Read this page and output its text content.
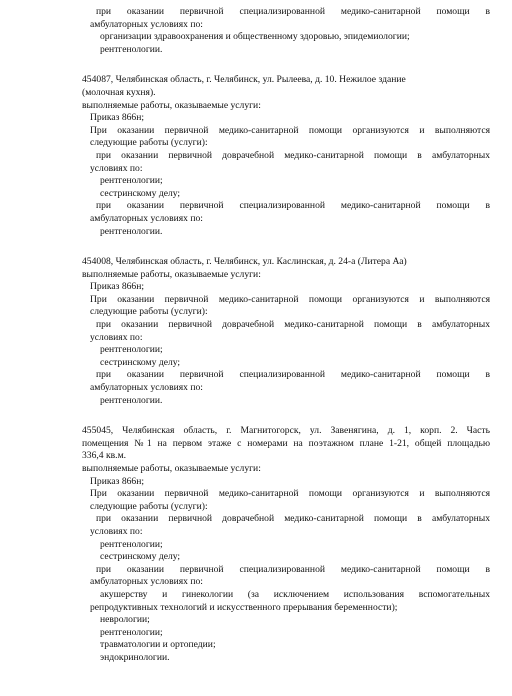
при оказании первичной специализированной медико-санитарной помощи в
амбулаторных условиях по:
организации здравоохранения и общественному здоровью, эпидемиологии;
рентгенологии.
454087, Челябинская область, г. Челябинск, ул. Рылеева, д. 10. Нежилое здание
(молочная кухня).
выполняемые работы, оказываемые услуги:
Приказ 866н;
При оказании первичной медико-санитарной помощи организуются и выполняются
следующие работы (услуги):
при оказании первичной доврачебной медико-санитарной помощи в амбулаторных
условиях по:
рентгенологии;
сестринскому делу;
при оказании первичной специализированной медико-санитарной помощи в
амбулаторных условиях по:
рентгенологии.
454008, Челябинская область, г. Челябинск, ул. Каслинская, д. 24-а (Литера Аа)
выполняемые работы, оказываемые услуги:
Приказ 866н;
При оказании первичной медико-санитарной помощи организуются и выполняются
следующие работы (услуги):
при оказании первичной доврачебной медико-санитарной помощи в амбулаторных
условиях по:
рентгенологии;
сестринскому делу;
при оказании первичной специализированной медико-санитарной помощи в
амбулаторных условиях по:
рентгенологии.
455045, Челябинская область, г. Магнитогорск, ул. Завенягина, д. 1, корп. 2. Часть
помещения №1 на первом этаже с номерами на поэтажном плане 1-21, общей площадью
336,4 кв.м.
выполняемые работы, оказываемые услуги:
Приказ 866н;
При оказании первичной медико-санитарной помощи организуются и выполняются
следующие работы (услуги):
при оказании первичной доврачебной медико-санитарной помощи в амбулаторных
условиях по:
рентгенологии;
сестринскому делу;
при оказании первичной специализированной медико-санитарной помощи в
амбулаторных условиях по:
акушерству и гинекологии (за исключением использования вспомогательных
репродуктивных технологий и искусственного прерывания беременности);
неврологии;
рентгенологии;
травматологии и ортопедии;
эндокринологии.
